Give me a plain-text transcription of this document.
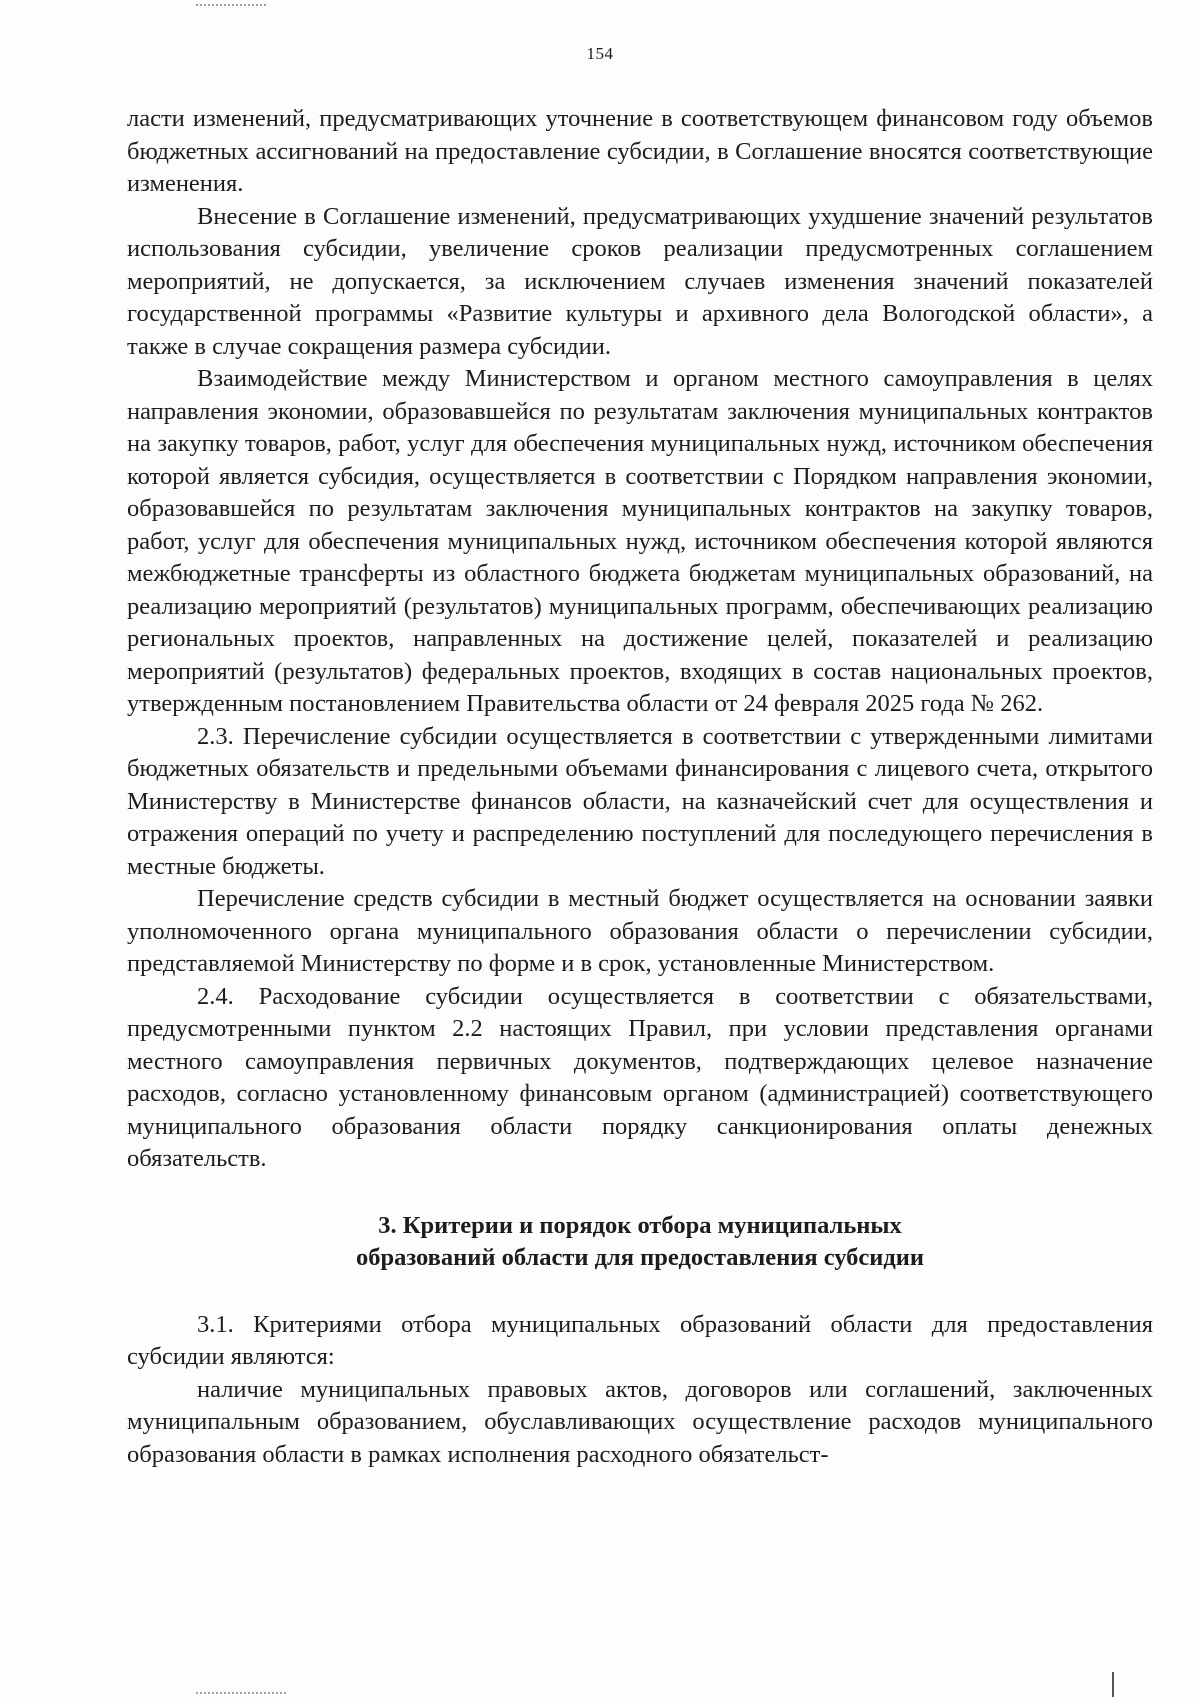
154

ласти изменений, предусматривающих уточнение в соответствующем финансовом году объемов бюджетных ассигнований на предоставление субсидии, в Соглашение вносятся соответствующие изменения.

Внесение в Соглашение изменений, предусматривающих ухудшение значений результатов использования субсидии, увеличение сроков реализации предусмотренных соглашением мероприятий, не допускается, за исключением случаев изменения значений показателей государственной программы «Развитие культуры и архивного дела Вологодской области», а также в случае сокращения размера субсидии.

Взаимодействие между Министерством и органом местного самоуправления в целях направления экономии, образовавшейся по результатам заключения муниципальных контрактов на закупку товаров, работ, услуг для обеспечения муниципальных нужд, источником обеспечения которой является субсидия, осуществляется в соответствии с Порядком направления экономии, образовавшейся по результатам заключения муниципальных контрактов на закупку товаров, работ, услуг для обеспечения муниципальных нужд, источником обеспечения которой являются межбюджетные трансферты из областного бюджета бюджетам муниципальных образований, на реализацию мероприятий (результатов) муниципальных программ, обеспечивающих реализацию региональных проектов, направленных на достижение целей, показателей и реализацию мероприятий (результатов) федеральных проектов, входящих в состав национальных проектов, утвержденным постановлением Правительства области от 24 февраля 2025 года № 262.

2.3. Перечисление субсидии осуществляется в соответствии с утвержденными лимитами бюджетных обязательств и предельными объемами финансирования с лицевого счета, открытого Министерству в Министерстве финансов области, на казначейский счет для осуществления и отражения операций по учету и распределению поступлений для последующего перечисления в местные бюджеты.

Перечисление средств субсидии в местный бюджет осуществляется на основании заявки уполномоченного органа муниципального образования области о перечислении субсидии, представляемой Министерству по форме и в срок, установленные Министерством.

2.4. Расходование субсидии осуществляется в соответствии с обязательствами, предусмотренными пунктом 2.2 настоящих Правил, при условии представления органами местного самоуправления первичных документов, подтверждающих целевое назначение расходов, согласно установленному финансовым органом (администрацией) соответствующего муниципального образования области порядку санкционирования оплаты денежных обязательств.

3. Критерии и порядок отбора муниципальных
образований области для предоставления субсидии

3.1. Критериями отбора муниципальных образований области для предоставления субсидии являются:

наличие муниципальных правовых актов, договоров или соглашений, заключенных муниципальным образованием, обуславливающих осуществление расходов муниципального образования области в рамках исполнения расходного обязательст-
